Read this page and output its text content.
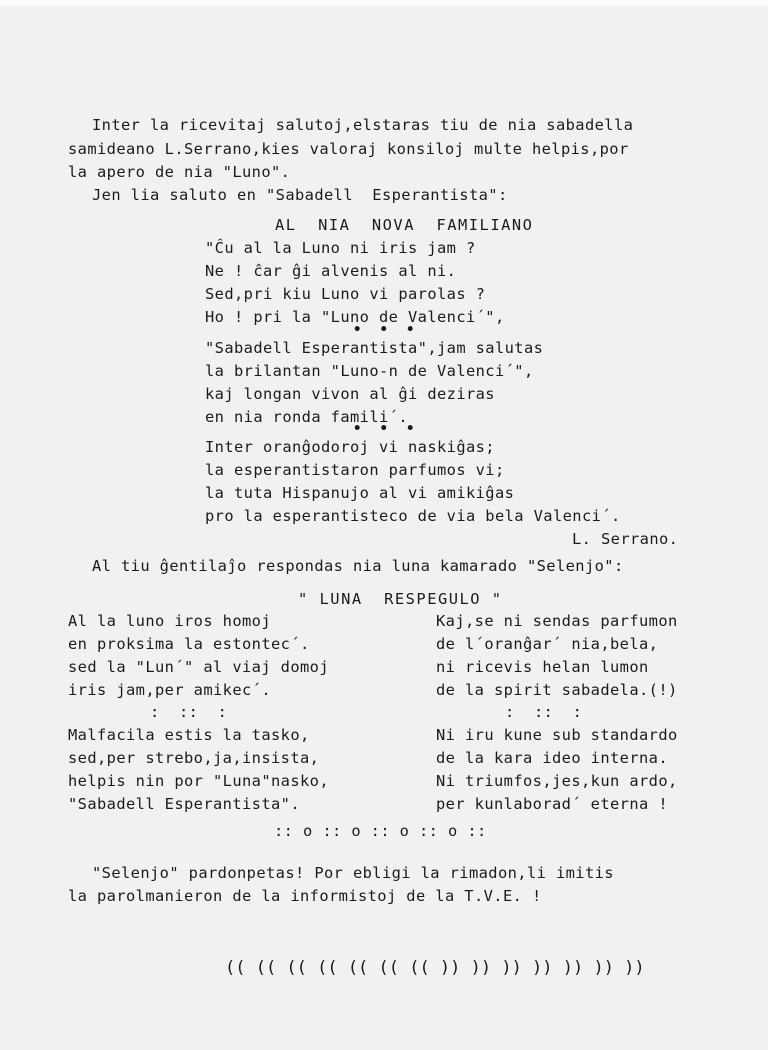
Inter la ricevitaj salutoj,elstaras tiu de nia sabadella
samideano L.Serrano,kies valoraj konsiloj multe helpis,por
la apero de nia "Luno".
Jen lia saluto en "Sabadell  Esperantista":
AL  NIA  NOVA  FAMILIANO
"Ĉu al la Luno ni iris jam ?
Ne ! ĉar ĝi alvenis al ni.
Sed,pri kiu Luno vi parolas ?
Ho ! pri la "Luno de Valenci´",
•  •  •
"Sabadell Esperantista",jam salutas
la brilantan "Luno-n de Valenci´",
kaj longan vivon al ĝi deziras
en nia ronda famili´.
•  •  •
Inter oranĝodoroj vi naskiĝas;
la esperantistaron parfumos vi;
la tuta Hispanujo al vi amikiĝas
pro la esperantisteco de via bela Valenci´.
L. Serrano.
Al tiu ĝentilaĵo respondas nia luna kamarado "Selenjo":
" LUNA  RESPEGULO "
Al la luno iros homoj
en proksima la estontec´.
sed la "Lun´" al viaj domoj
iris jam,per amikec´.
:  ::  :
Malfacila estis la tasko,
sed,per strebo,ja,insista,
helpis nin por "Luna"nasko,
"Sabadell Esperantista".
Kaj,se ni sendas parfumon
de l´oranĝar´ nia,bela,
ni ricevis helan lumon
de la spirit sabadela.(!)
:  ::  :
Ni iru kune sub standardo
de la kara ideo interna.
Ni triumfos,jes,kun ardo,
per kunlaborad´ eterna !
:: o :: o :: o :: o ::
"Selenjo" pardonpetas! Por ebligi la rimadon,li imitis
la parolmanieron de la informistoj de la T.V.E. !
(( (( (( (( (( (( (( )) )) )) )) )) )) ))
